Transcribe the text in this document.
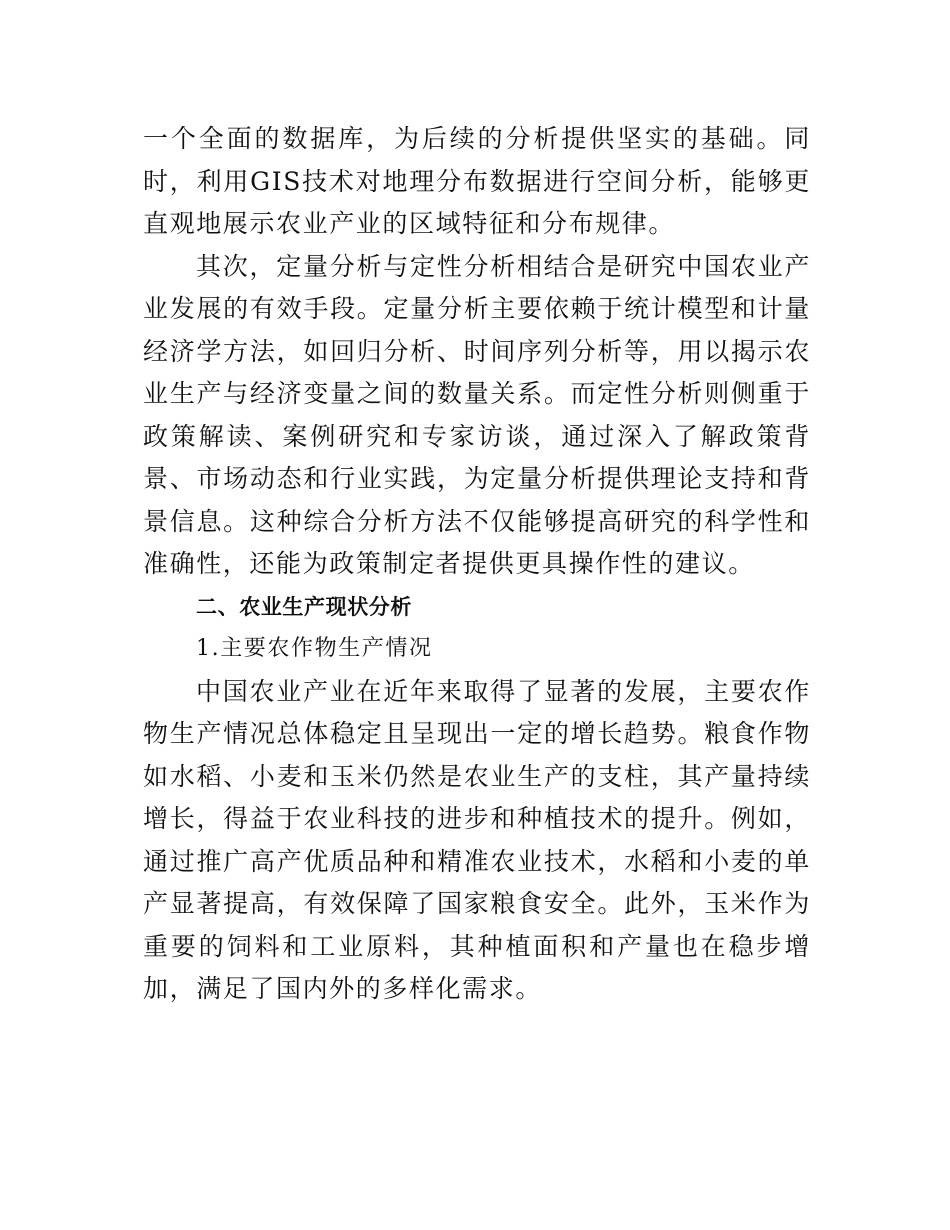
一个全面的数据库，为后续的分析提供坚实的基础。同时，利用GIS技术对地理分布数据进行空间分析，能够更直观地展示农业产业的区域特征和分布规律。

其次，定量分析与定性分析相结合是研究中国农业产业发展的有效手段。定量分析主要依赖于统计模型和计量经济学方法，如回归分析、时间序列分析等，用以揭示农业生产与经济变量之间的数量关系。而定性分析则侧重于政策解读、案例研究和专家访谈，通过深入了解政策背景、市场动态和行业实践，为定量分析提供理论支持和背景信息。这种综合分析方法不仅能够提高研究的科学性和准确性，还能为政策制定者提供更具操作性的建议。

二、农业生产现状分析

1.主要农作物生产情况

中国农业产业在近年来取得了显著的发展，主要农作物生产情况总体稳定且呈现出一定的增长趋势。粮食作物如水稻、小麦和玉米仍然是农业生产的支柱，其产量持续增长，得益于农业科技的进步和种植技术的提升。例如，通过推广高产优质品种和精准农业技术，水稻和小麦的单产显著提高，有效保障了国家粮食安全。此外，玉米作为重要的饲料和工业原料，其种植面积和产量也在稳步增加，满足了国内外的多样化需求。
